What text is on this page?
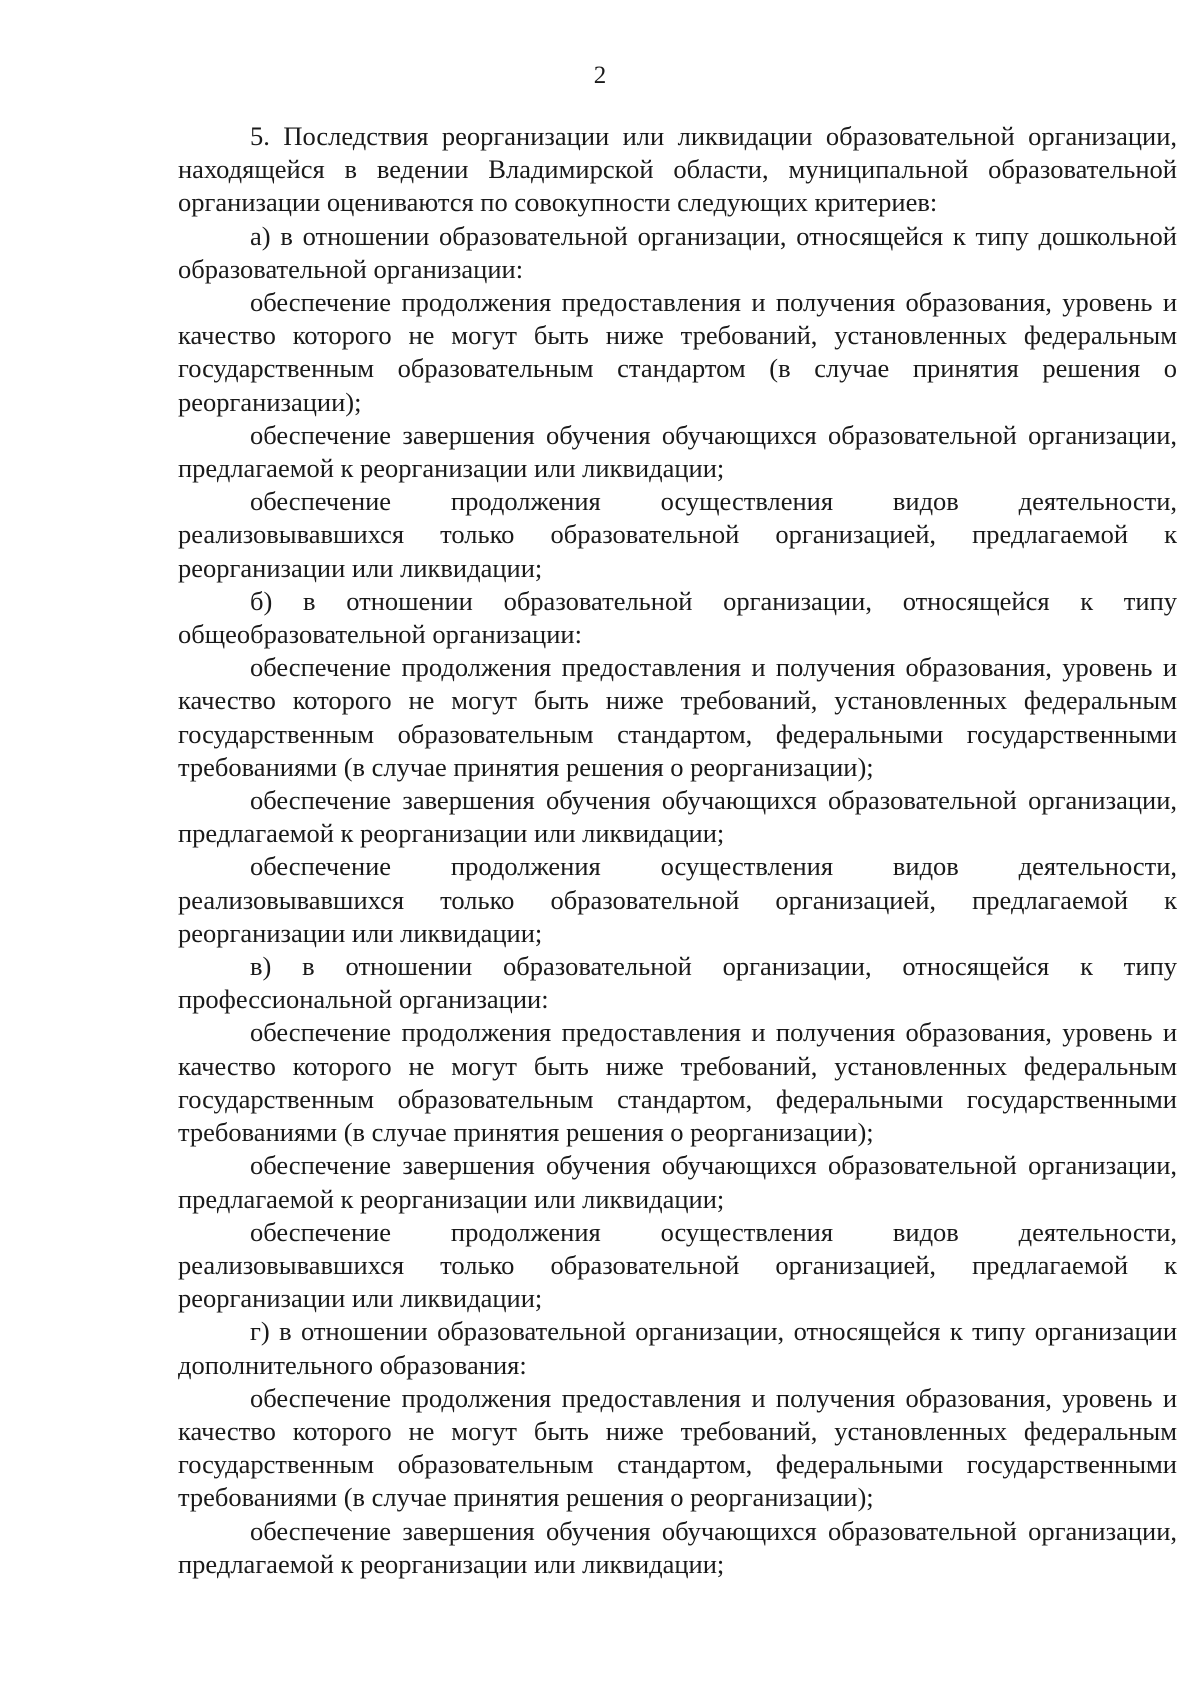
2

5. Последствия реорганизации или ликвидации образовательной организации, находящейся в ведении Владимирской области, муниципальной образовательной организации оцениваются по совокупности следующих критериев:

а) в отношении образовательной организации, относящейся к типу дошкольной образовательной организации:

обеспечение продолжения предоставления и получения образования, уровень и качество которого не могут быть ниже требований, установленных федеральным государственным образовательным стандартом (в случае принятия решения о реорганизации);

обеспечение завершения обучения обучающихся образовательной организации, предлагаемой к реорганизации или ликвидации;

обеспечение продолжения осуществления видов деятельности, реализовывавшихся только образовательной организацией, предлагаемой к реорганизации или ликвидации;

б) в отношении образовательной организации, относящейся к типу общеобразовательной организации:

обеспечение продолжения предоставления и получения образования, уровень и качество которого не могут быть ниже требований, установленных федеральным государственным образовательным стандартом, федеральными государственными требованиями (в случае принятия решения о реорганизации);

обеспечение завершения обучения обучающихся образовательной организации, предлагаемой к реорганизации или ликвидации;

обеспечение продолжения осуществления видов деятельности, реализовывавшихся только образовательной организацией, предлагаемой к реорганизации или ликвидации;

в) в отношении образовательной организации, относящейся к типу профессиональной организации:

обеспечение продолжения предоставления и получения образования, уровень и качество которого не могут быть ниже требований, установленных федеральным государственным образовательным стандартом, федеральными государственными требованиями (в случае принятия решения о реорганизации);

обеспечение завершения обучения обучающихся образовательной организации, предлагаемой к реорганизации или ликвидации;

обеспечение продолжения осуществления видов деятельности, реализовывавшихся только образовательной организацией, предлагаемой к реорганизации или ликвидации;

г) в отношении образовательной организации, относящейся к типу организации дополнительного образования:

обеспечение продолжения предоставления и получения образования, уровень и качество которого не могут быть ниже требований, установленных федеральным государственным образовательным стандартом, федеральными государственными требованиями (в случае принятия решения о реорганизации);

обеспечение завершения обучения обучающихся образовательной организации, предлагаемой к реорганизации или ликвидации;
